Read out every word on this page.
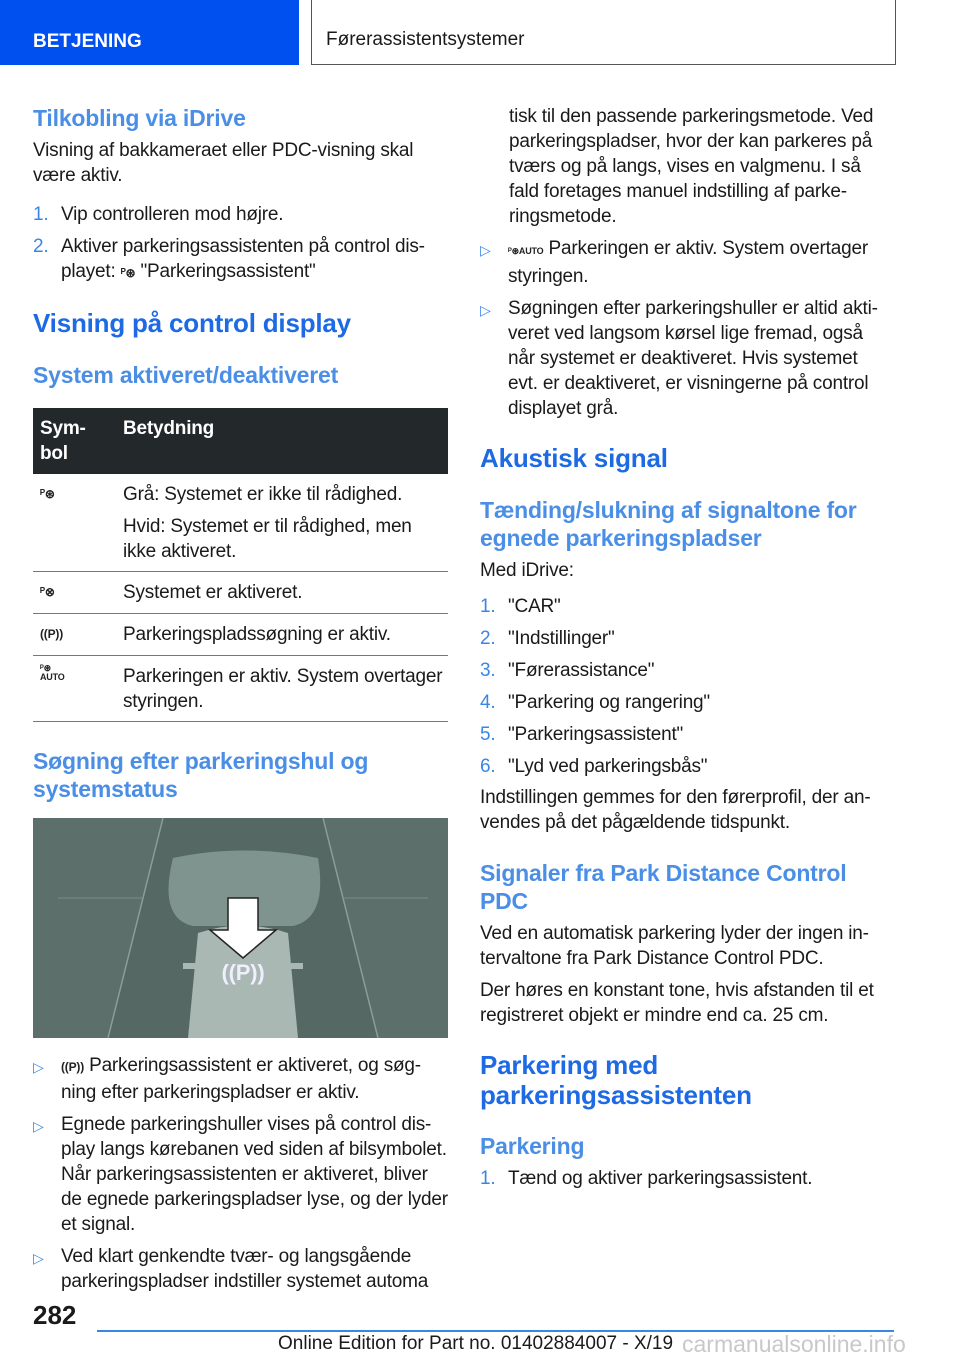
BETJENING	Førerassistentsystemer
Tilkobling via iDrive

Visning af bakkameraet eller PDC-visning skal være aktiv.

1. Vip controlleren mod højre.
2. Aktiver parkeringsassistenten på control displayet: ᴾ⊛ "Parkeringsassistent"
Visning på control display
System aktiveret/deaktiveret
Sym-
bol	Betydning
ᴾ⊛	Grå: Systemet er ikke til rådighed.
Hvid: Systemet er til rådighed, men ikke aktiveret.

ᴾ⊗	Systemet er aktiveret.
((P))	Parkeringspladssøgning er aktiv.
ᴾ⊛
AUTO	Parkeringen er aktiv. System overtager styringen.
Søgning efter parkeringshul og systemstatus
((P))
▷	((P)) Parkeringsassistent er aktiveret, og søgning efter parkeringspladser er aktiv.
▷ Egnede parkeringshuller vises på control display langs kørebanen ved siden af bilsymbolet. Når parkeringsassistenten er aktiveret, bliver de egnede parkeringspladser lyse, og der lyder et signal.
▷ Ved klart genkendte tvær- og langsgående parkeringspladser indstiller systemet automa

tisk til den passende parkeringsmetode. Ved parkeringspladser, hvor der kan parkeres på tværs og på langs, vises en valgmenu. I så fald foretages manuel indstilling af parkeringsmetode.

▷	ᴾ⊛AUTO Parkeringen er aktiv. System overtager styringen.
▷ Søgningen efter parkeringshuller er altid aktiveret ved langsom kørsel lige fremad, også når systemet er deaktiveret. Hvis systemet evt. er deaktiveret, er visningerne på control displayet grå.
Akustisk signal
Tænding/slukning af signaltone for egnede parkeringspladser

Med iDrive:

1. "CAR"
2. "Indstillinger"
3. "Førerassistance"
4. "Parkering og rangering"
5. "Parkeringsassistent"
6. "Lyd ved parkeringsbås"

Indstillingen gemmes for den førerprofil, der anvendes på det pågældende tidspunkt.

Signaler fra Park Distance Control PDC

Ved en automatisk parkering lyder der ingen intervaltone fra Park Distance Control PDC.

Der høres en konstant tone, hvis afstanden til et registreret objekt er mindre end ca. 25 cm.

Parkering med parkeringsassistenten
Parkering
1. Tænd og aktiver parkeringsassistent.
282
Online Edition for Part no. 01402884007 - X/19 carmanualsonline.info
